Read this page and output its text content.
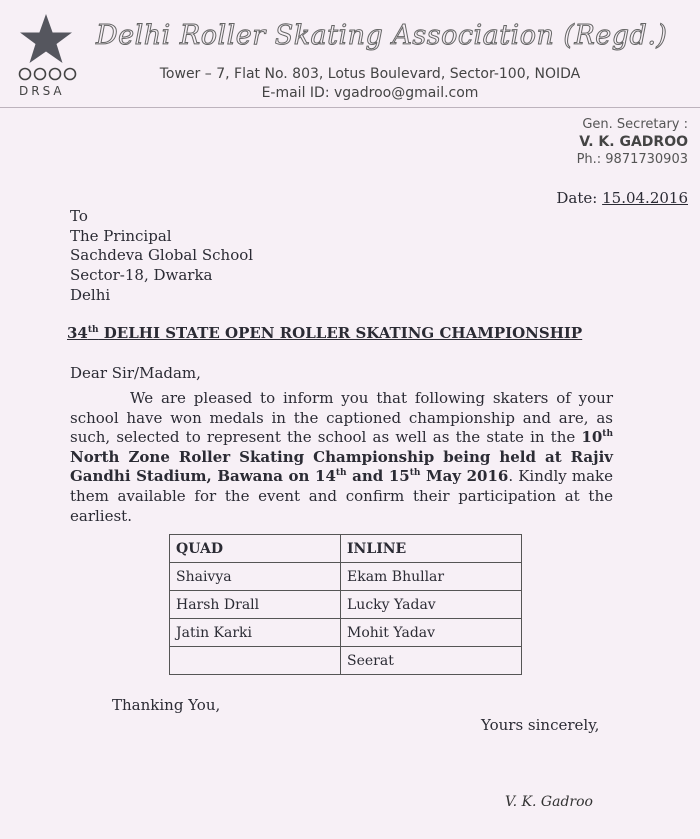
DRSA
Delhi Roller Skating Association (Regd.)
Tower – 7, Flat No. 803, Lotus Boulevard, Sector-100, NOIDA
E-mail ID: vgadroo@gmail.com
Gen. Secretary :
V. K. GADROO
Ph.: 9871730903
Date: 15.04.2016
To
The Principal
Sachdeva Global School
Sector-18, Dwarka
Delhi
34th DELHI STATE OPEN ROLLER SKATING CHAMPIONSHIP
Dear Sir/Madam,
We are pleased to inform you that following skaters of your school have won medals in the captioned championship and are, as such, selected to represent the school as well as the state in the 10th North Zone Roller Skating Championship being held at Rajiv Gandhi Stadium, Bawana on 14th and 15th May 2016. Kindly make them available for the event and confirm their participation at the earliest.
QUAD	INLINE
Shaivya	Ekam Bhullar
Harsh Drall	Lucky Yadav
Jatin Karki	Mohit Yadav
	Seerat
Thanking You,
Yours sincerely,
V. K. Gadroo
